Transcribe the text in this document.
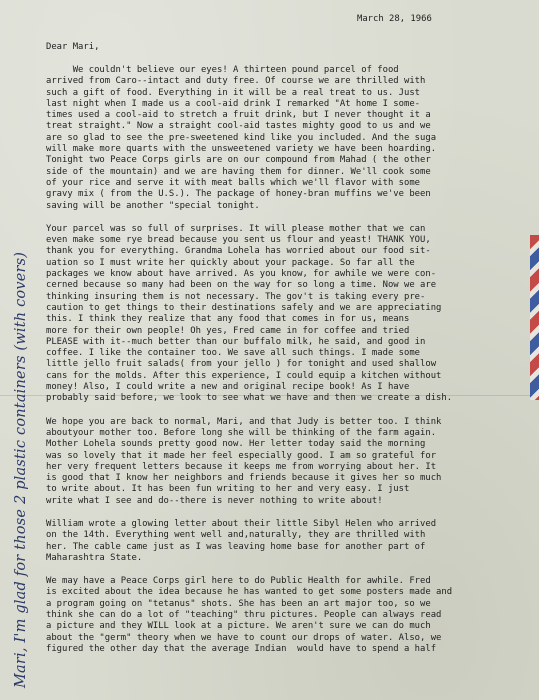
Mari, I'm glad for those 2 plastic containers (with covers)
March 28, 1966
Dear Mari,
We couldn't believe our eyes! A thirteen pound parcel of food
arrived from Caro--intact and duty free. Of course we are thrilled with
such a gift of food. Everything in it will be a real treat to us. Just
last night when I made us a cool-aid drink I remarked "At home I some-
times used a cool-aid to stretch a fruit drink, but I never thought it a
treat straight." Now a straight cool-aid tastes mighty good to us and we
are so glad to see the pre-sweetened kind like you included. And the suga
will make more quarts with the unsweetened variety we have been hoarding.
Tonight two Peace Corps girls are on our compound from Mahad ( the other
side of the mountain) and we are having them for dinner. We'll cook some
of your rice and serve it with meat balls which we'll flavor with some
gravy mix ( from the U.S.). The package of honey-bran muffins we've been
saving will be another "special tonight.
Your parcel was so full of surprises. It will please mother that we can
even make some rye bread because you sent us flour and yeast! THANK YOU,
thank you for everything. Grandma Lohela has worried about our food sit-
uation so I must write her quickly about your package. So far all the
packages we know about have arrived. As you know, for awhile we were con-
cerned because so many had been on the way for so long a time. Now we are
thinking insuring them is not necessary. The gov't is taking every pre-
caution to get things to their destinations safely and we are appreciating
this. I think they realize that any food that comes in for us, means
more for their own people! Oh yes, Fred came in for coffee and tried
PLEASE with it--much better than our buffalo milk, he said, and good in
coffee. I like the container too. We save all such things. I made some
little jello fruit salads( from your jello ) for tonight and used shallow
cans for the molds. After this experience, I could equip a kitchen without
money! Also, I could write a new and original recipe book! As I have
probably said before, we look to see what we have and then we create a dish.
We hope you are back to normal, Mari, and that Judy is better too. I think
aboutyour mother too. Before long she will be thinking of the farm again.
Mother Lohela sounds pretty good now. Her letter today said the morning
was so lovely that it made her feel especially good. I am so grateful for
her very frequent letters because it keeps me from worrying about her. It
is good that I know her neighbors and friends because it gives her so much
to write about. It has been fun writing to her and very easy. I just
write what I see and do--there is never nothing to write about!
William wrote a glowing letter about their little Sibyl Helen who arrived
on the 14th. Everything went well and,naturally, they are thrilled with
her. The cable came just as I was leaving home base for another part of
Maharashtra State.
We may have a Peace Corps girl here to do Public Health for awhile. Fred
is excited about the idea because he has wanted to get some posters made and
a program going on "tetanus" shots. She has been an art major too, so we
think she can do a lot of "teaching" thru pictures. People can always read
a picture and they WILL look at a picture. We aren't sure we can do much
about the "germ" theory when we have to count our drops of water. Also, we
figured the other day that the average Indian  would have to spend a half
